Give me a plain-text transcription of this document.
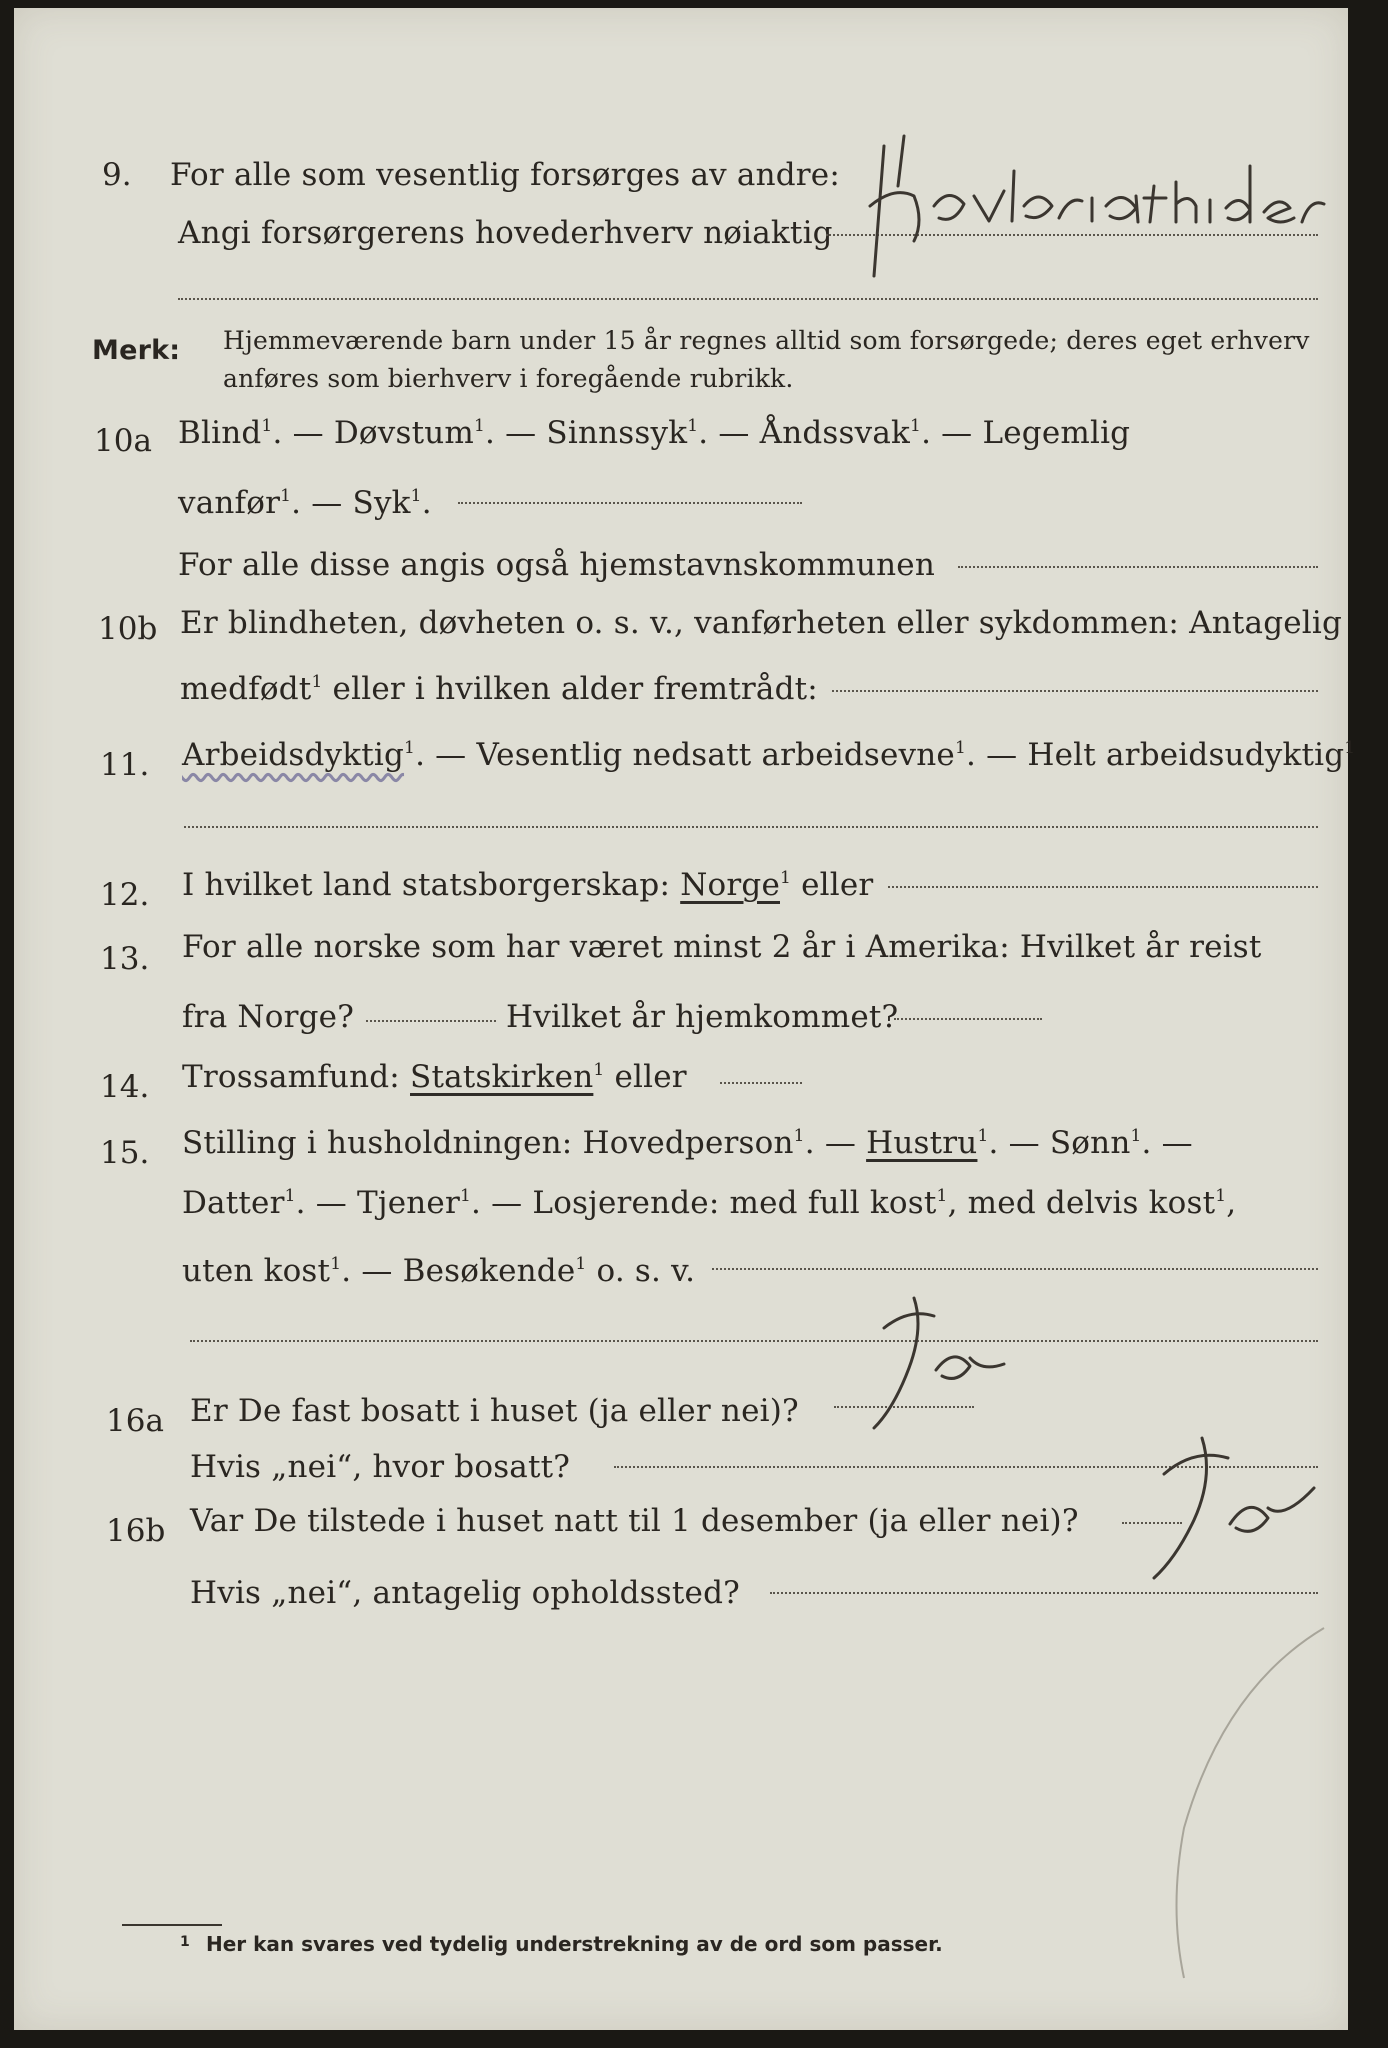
9. For alle som vesentlig forsørges av andre:
Angi forsørgerens hovederhverv nøiaktig
Merk: Hjemmeværende barn under 15 år regnes alltid som forsørgede; deres eget erhverv
anføres som bierhverv i foregående rubrikk.
10a Blind$^1$. — Døvstum$^1$. — Sinnssyk$^1$. — Åndssvak$^1$. — Legemlig
vanfør$^1$. — Syk$^1$.
For alle disse angis også hjemstavnskommunen
10b Er blindheten, døvheten o. s. v., vanførheten eller sykdommen: Antagelig
medfødt$^1$ eller i hvilken alder fremtrådt:
11. Arbeidsdyktig$^1$. — Vesentlig nedsatt arbeidsevne$^1$. — Helt arbeidsudyktig$^1$
12. I hvilket land statsborgerskap: Norge$^1$ eller
13. For alle norske som har været minst 2 år i Amerika: Hvilket år reist
fra Norge?	Hvilket år hjemkommet?
14. Trossamfund: Statskirken$^1$ eller
15. Stilling i husholdningen: Hovedperson$^1$. — Hustru$^1$. — Sønn$^1$. —
Datter$^1$. — Tjener$^1$. — Losjerende: med full kost$^1$, med delvis kost$^1$,
uten kost$^1$. — Besøkende$^1$ o. s. v.
16a Er De fast bosatt i huset (ja eller nei)?
Hvis „nei“, hvor bosatt?
Ja
16b Var De tilstede i huset natt til 1 desember (ja eller nei)?
Hvis „nei“, antagelig opholdssted?	Ja
1 Her kan svares ved tydelig understrekning av de ord som passer.
